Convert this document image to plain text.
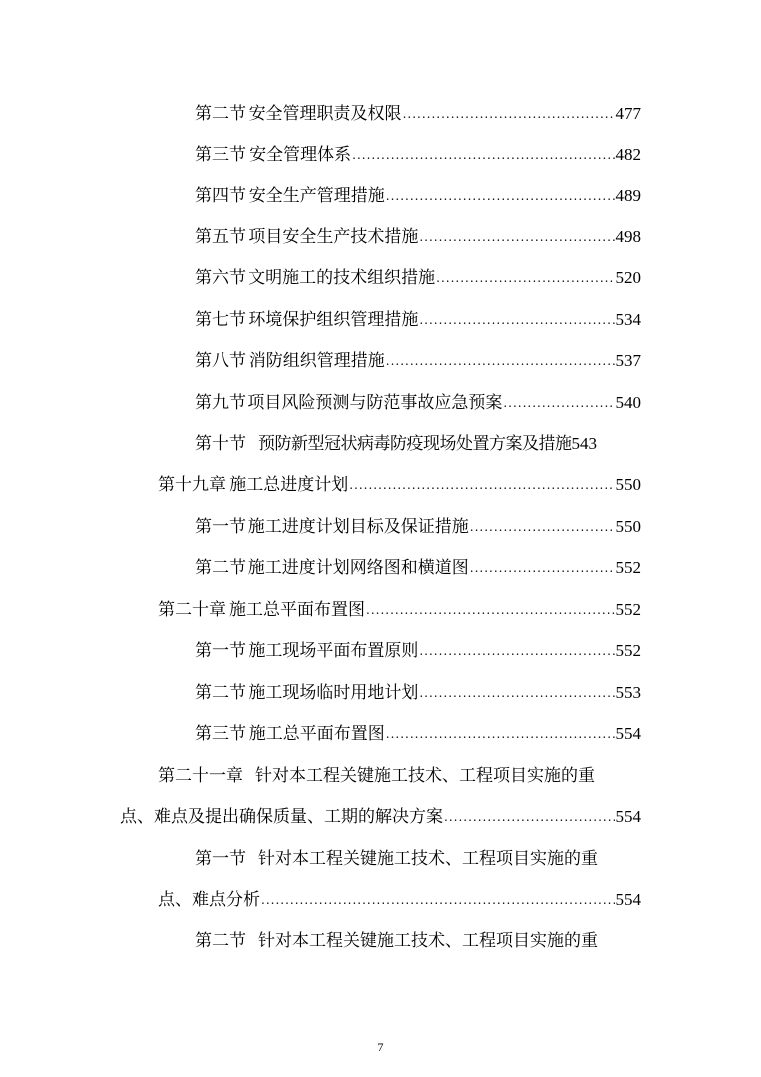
第二节 安全管理职责及权限 .....	477
第三节 安全管理体系 .....	482
第四节 安全生产管理措施 .....	489
第五节 项目安全生产技术措施 .....	498
第六节 文明施工的技术组织措施 .....	520
第七节 环境保护组织管理措施 .....	534
第八节 消防组织管理措施 .....	537
第九节 项目风险预测与防范事故应急预案 .....	540
第十节 预防新型冠状病毒防疫现场处置方案及措施 543
第十九章 施工总进度计划 .....	550
第一节 施工进度计划目标及保证措施 .....	550
第二节 施工进度计划网络图和横道图 .....	552
第二十章 施工总平面布置图 .....	552
第一节 施工现场平面布置原则 .....	552
第二节 施工现场临时用地计划 .....	553
第三节 施工总平面布置图 .....	554
第二十一章 针对本工程关键施工技术、工程项目实施的重
点、难点及提出确保质量、工期的解决方案 .....	554
第一节 针对本工程关键施工技术、工程项目实施的重
点、难点分析 .....	554
第二节 针对本工程关键施工技术、工程项目实施的重
7
